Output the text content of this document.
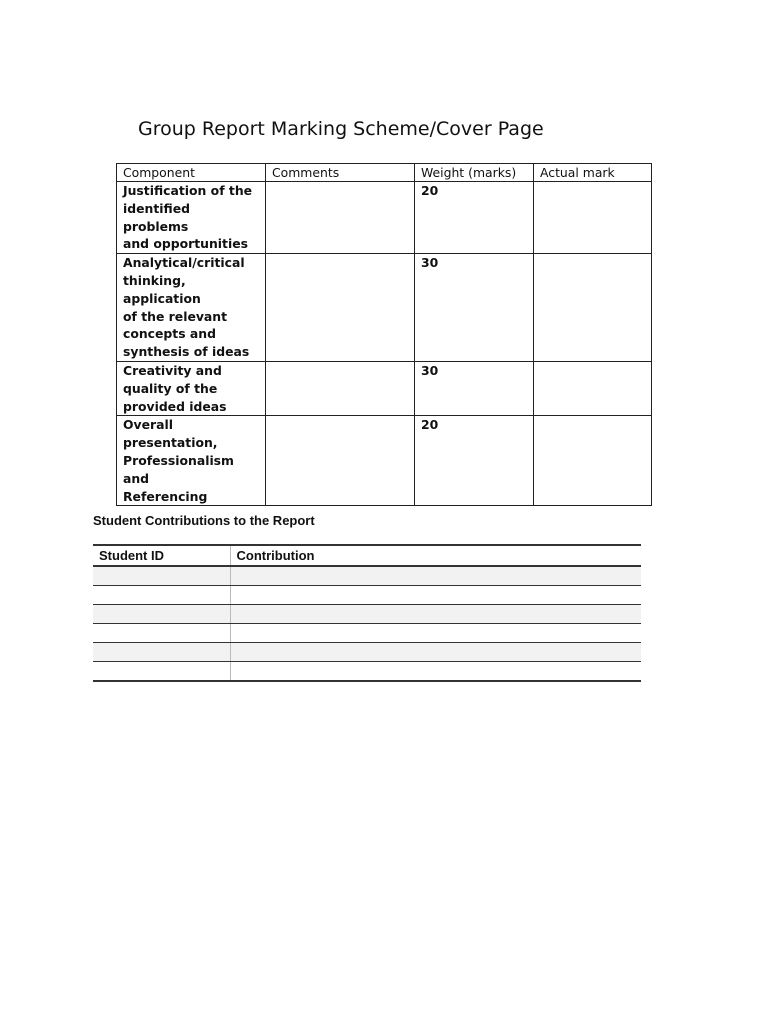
Group Report Marking Scheme/Cover Page
Component	Comments	Weight (marks)	Actual mark

Justification of the
identified problems
and opportunities		20	

Analytical/critical
thinking, application
of the relevant
concepts and
synthesis of ideas		30	

Creativity and
quality of the
provided ideas		30	

Overall
presentation,
Professionalism and
Referencing		20	
Student Contributions to the Report
Student ID	Contribution
